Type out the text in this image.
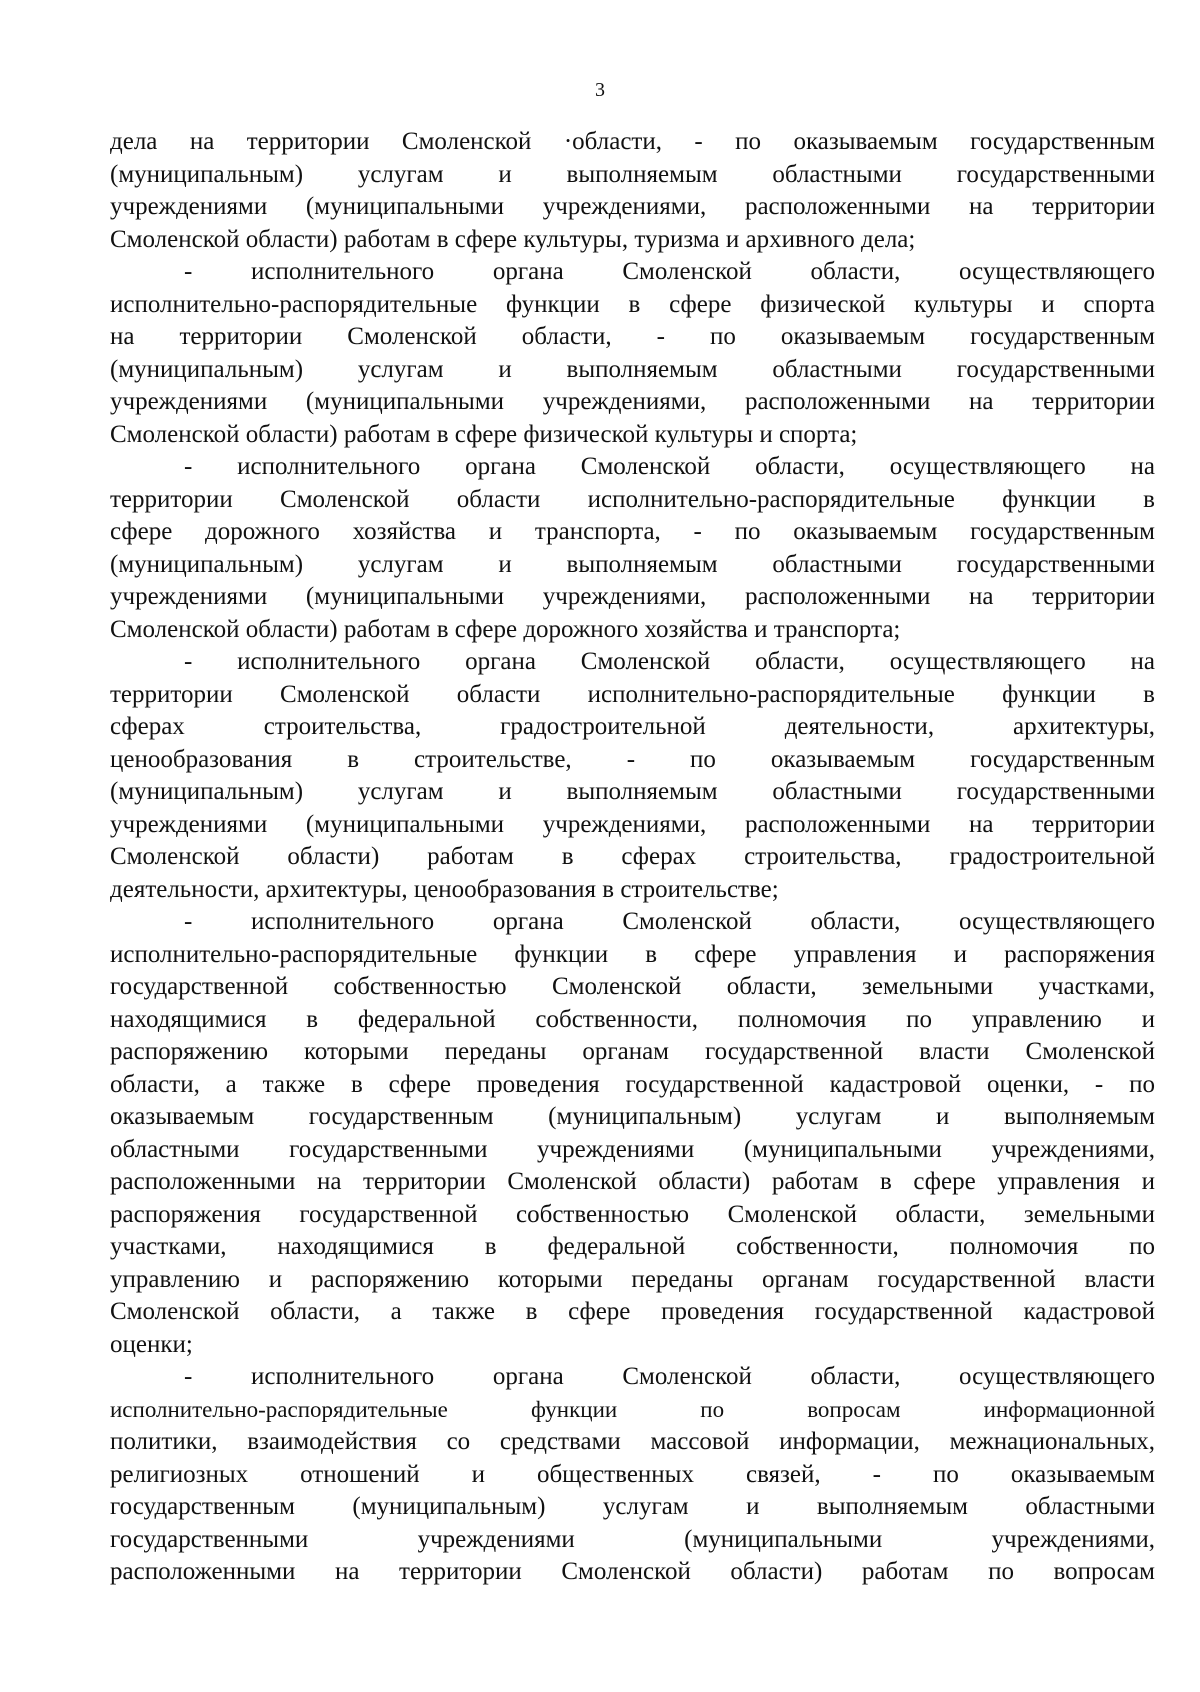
3
дела на территории Смоленской ·области, - по оказываемым государственным
(муниципальным) услугам и выполняемым областными государственными
учреждениями (муниципальными учреждениями, расположенными на территории
Смоленской области) работам в сфере культуры, туризма и архивного дела;
- исполнительного органа Смоленской области, осуществляющего
исполнительно-распорядительные функции в сфере физической культуры и спорта
на территории Смоленской области, - по оказываемым государственным
(муниципальным) услугам и выполняемым областными государственными
учреждениями (муниципальными учреждениями, расположенными на территории
Смоленской области) работам в сфере физической культуры и спорта;
- исполнительного органа Смоленской области, осуществляющего на
территории Смоленской области исполнительно-распорядительные функции в
сфере дорожного хозяйства и транспорта, - по оказываемым государственным
(муниципальным) услугам и выполняемым областными государственными
учреждениями (муниципальными учреждениями, расположенными на территории
Смоленской области) работам в сфере дорожного хозяйства и транспорта;
- исполнительного органа Смоленской области, осуществляющего на
территории Смоленской области исполнительно-распорядительные функции в
сферах строительства, градостроительной деятельности, архитектуры,
ценообразования в строительстве, - по оказываемым государственным
(муниципальным) услугам и выполняемым областными государственными
учреждениями (муниципальными учреждениями, расположенными на территории
Смоленской области) работам в сферах строительства, градостроительной
деятельности, архитектуры, ценообразования в строительстве;
- исполнительного органа Смоленской области, осуществляющего
исполнительно-распорядительные функции в сфере управления и распоряжения
государственной собственностью Смоленской области, земельными участками,
находящимися в федеральной собственности, полномочия по управлению и
распоряжению которыми переданы органам государственной власти Смоленской
области, а также в сфере проведения государственной кадастровой оценки, - по
оказываемым государственным (муниципальным) услугам и выполняемым
областными государственными учреждениями (муниципальными учреждениями,
расположенными на территории Смоленской области) работам в сфере управления и
распоряжения государственной собственностью Смоленской области, земельными
участками, находящимися в федеральной собственности, полномочия по
управлению и распоряжению которыми переданы органам государственной власти
Смоленской области, а также в сфере проведения государственной кадастровой
оценки;
- исполнительного органа Смоленской области, осуществляющего
исполнительно-распорядительные функции по вопросам информационной
политики, взаимодействия со средствами массовой информации, межнациональных,
религиозных отношений и общественных связей, - по оказываемым
государственным (муниципальным) услугам и выполняемым областными
государственными учреждениями (муниципальными учреждениями,
расположенными на территории Смоленской области) работам по вопросам
